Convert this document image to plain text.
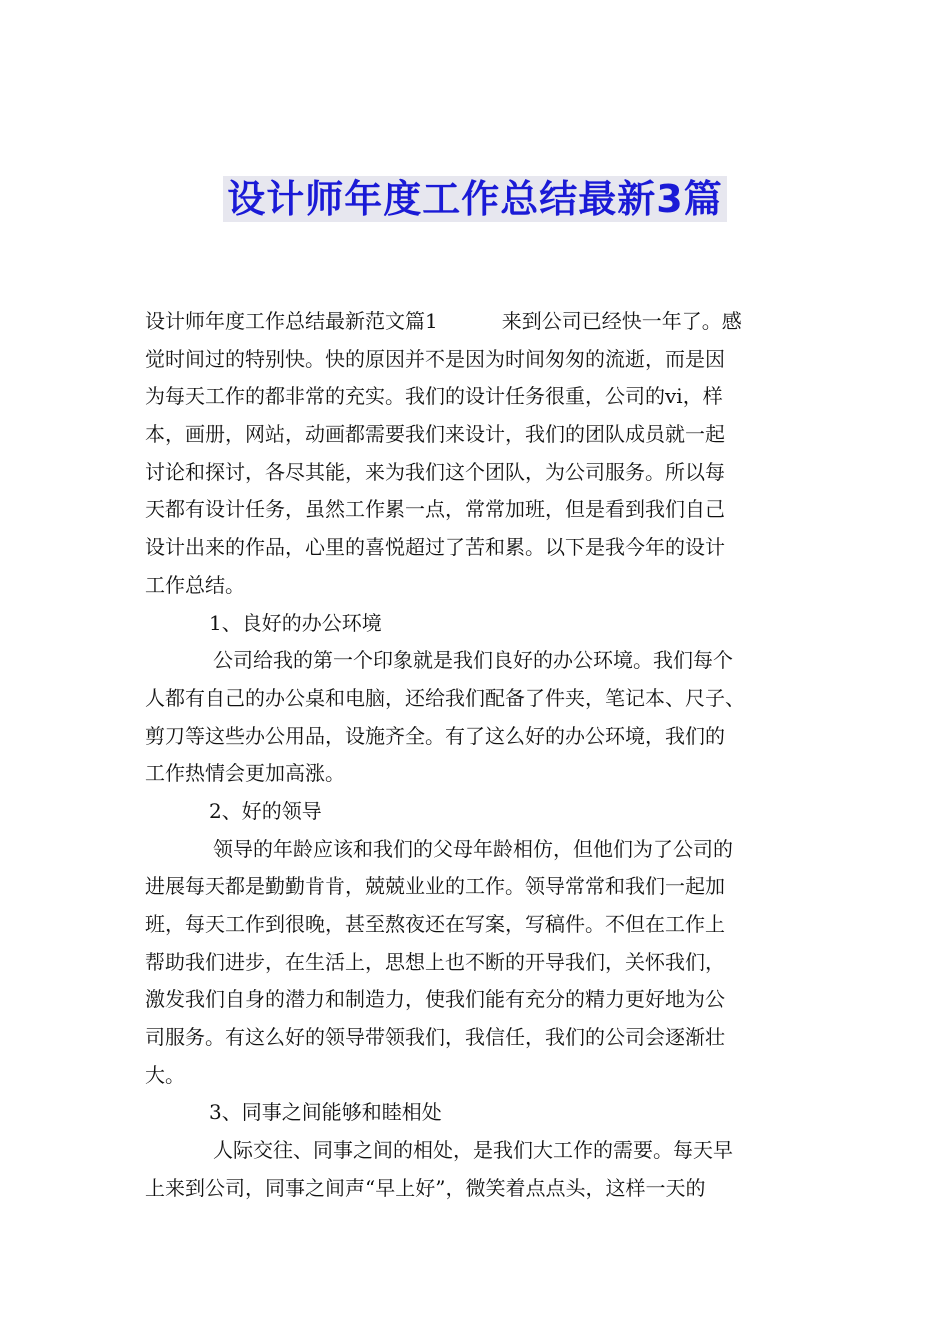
设计师年度工作总结最新3篇
设计师年度工作总结最新范文篇1	来到公司已经快一年了。感
觉时间过的特别快。快的原因并不是因为时间匆匆的流逝，而是因
为每天工作的都非常的充实。我们的设计任务很重，公司的vi，样
本，画册，网站，动画都需要我们来设计，我们的团队成员就一起
讨论和探讨，各尽其能，来为我们这个团队，为公司服务。所以每
天都有设计任务，虽然工作累一点，常常加班，但是看到我们自己
设计出来的作品，心里的喜悦超过了苦和累。以下是我今年的设计
工作总结。
1、良好的办公环境
公司给我的第一个印象就是我们良好的办公环境。我们每个
人都有自己的办公桌和电脑，还给我们配备了件夹，笔记本、尺子、
剪刀等这些办公用品，设施齐全。有了这么好的办公环境，我们的
工作热情会更加高涨。
2、好的领导
领导的年龄应该和我们的父母年龄相仿，但他们为了公司的
进展每天都是勤勤肯肯，兢兢业业的工作。领导常常和我们一起加
班，每天工作到很晚，甚至熬夜还在写案，写稿件。不但在工作上
帮助我们进步，在生活上，思想上也不断的开导我们，关怀我们，
激发我们自身的潜力和制造力，使我们能有充分的精力更好地为公
司服务。有这么好的领导带领我们，我信任，我们的公司会逐渐壮
大。
3、同事之间能够和睦相处
人际交往、同事之间的相处，是我们大工作的需要。每天早
上来到公司，同事之间声“早上好”，微笑着点点头，这样一天的
